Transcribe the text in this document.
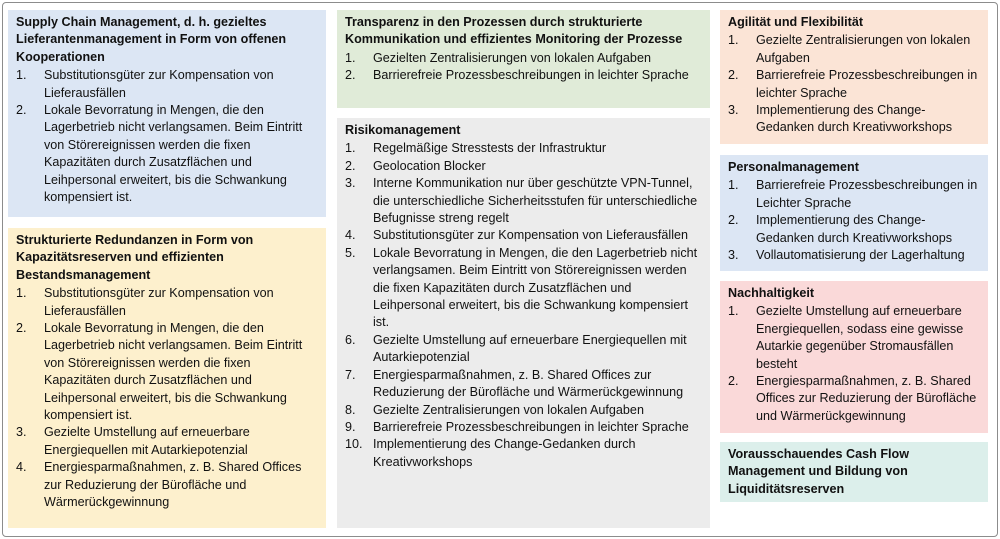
Supply Chain Management, d. h. gezieltes Lieferantenmanagement in Form von offenen Kooperationen
1. Substitutionsgüter zur Kompensation von Lieferausfällen
2. Lokale Bevorratung in Mengen, die den Lagerbetrieb nicht verlangsamen. Beim Eintritt von Störereignissen werden die fixen Kapazitäten durch Zusatzflächen und Leihpersonal erweitert, bis die Schwankung kompensiert ist.
Strukturierte Redundanzen in Form von Kapazitätsreserven und effizienten Bestandsmanagement
1. Substitutionsgüter zur Kompensation von Lieferausfällen
2. Lokale Bevorratung in Mengen, die den Lagerbetrieb nicht verlangsamen. Beim Eintritt von Störereignissen werden die fixen Kapazitäten durch Zusatzflächen und Leihpersonal erweitert, bis die Schwankung kompensiert ist.
3. Gezielte Umstellung auf erneuerbare Energiequellen mit Autarkiepotenzial
4. Energiesparmaßnahmen, z. B. Shared Offices zur Reduzierung der Bürofläche und Wärmerückgewinnung
Transparenz in den Prozessen durch strukturierte Kommunikation und effizientes Monitoring der Prozesse
1. Gezielten Zentralisierungen von lokalen Aufgaben
2. Barrierefreie Prozessbeschreibungen in leichter Sprache
Risikomanagement
1. Regelmäßige Stresstests der Infrastruktur
2. Geolocation Blocker
3. Interne Kommunikation nur über geschützte VPN-Tunnel, die unterschiedliche Sicherheitsstufen für unterschiedliche Befugnisse streng regelt
4. Substitutionsgüter zur Kompensation von Lieferausfällen
5. Lokale Bevorratung in Mengen, die den Lagerbetrieb nicht verlangsamen. Beim Eintritt von Störereignissen werden die fixen Kapazitäten durch Zusatzflächen und Leihpersonal erweitert, bis die Schwankung kompensiert ist.
6. Gezielte Umstellung auf erneuerbare Energiequellen mit Autarkiepotenzial
7. Energiesparmaßnahmen, z. B. Shared Offices zur Reduzierung der Bürofläche und Wärmerückgewinnung
8. Gezielte Zentralisierungen von lokalen Aufgaben
9. Barrierefreie Prozessbeschreibungen in leichter Sprache
10. Implementierung des Change-Gedanken durch Kreativworkshops
Agilität und Flexibilität
1. Gezielte Zentralisierungen von lokalen Aufgaben
2. Barrierefreie Prozessbeschreibungen in leichter Sprache
3. Implementierung des Change-Gedanken durch Kreativworkshops
Personalmanagement
1. Barrierefreie Prozessbeschreibungen in Leichter Sprache
2. Implementierung des Change-Gedanken durch Kreativworkshops
3. Vollautomatisierung der Lagerhaltung
Nachhaltigkeit
1. Gezielte Umstellung auf erneuerbare Energiequellen, sodass eine gewisse Autarkie gegenüber Stromausfällen besteht
2. Energiesparmaßnahmen, z. B. Shared Offices zur Reduzierung der Bürofläche und Wärmerückgewinnung
Vorausschauendes Cash Flow Management und Bildung von Liquiditätsreserven
